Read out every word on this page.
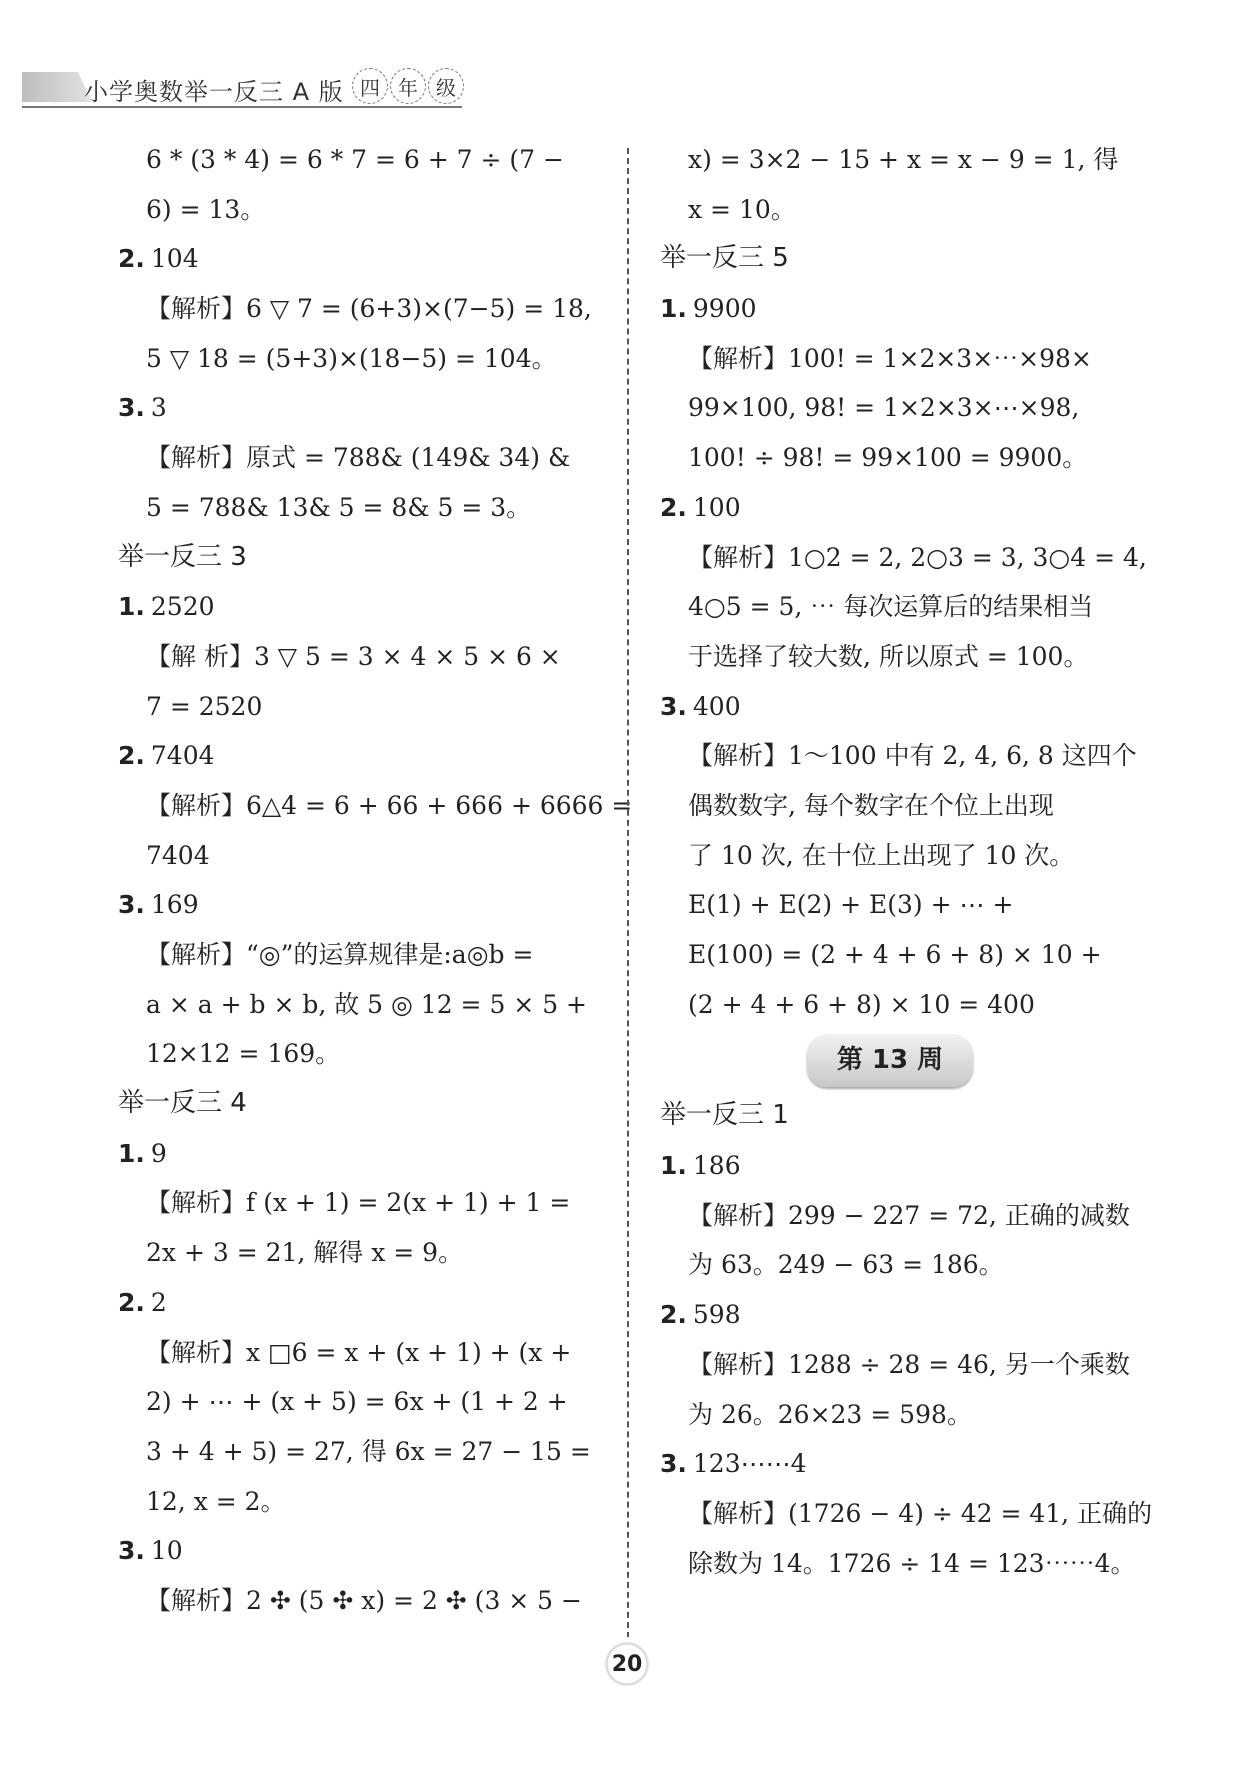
小学奥数举一反三 A 版 四 年 级
6 * (3 * 4) = 6 * 7 = 6 + 7 ÷ (7 −
6) = 13。
2. 104
【解析】6 ▽ 7 = (6+3)×(7−5) = 18,
5 ▽ 18 = (5+3)×(18−5) = 104。
3. 3
【解析】原式 = 788& (149& 34) &
5 = 788& 13& 5 = 8& 5 = 3。
举一反三 3
1. 2520
【解 析】3 ▽ 5 = 3 × 4 × 5 × 6 ×
7 = 2520
2. 7404
【解析】6△4 = 6 + 66 + 666 + 6666 =
7404
3. 169
【解析】“◎”的运算规律是:a◎b =
a × a + b × b, 故 5 ◎ 12 = 5 × 5 +
12×12 = 169。
举一反三 4
1. 9
【解析】f (x + 1) = 2(x + 1) + 1 =
2x + 3 = 21, 解得 x = 9。
2. 2
【解析】x □6 = x + (x + 1) + (x +
2) + ⋯ + (x + 5) = 6x + (1 + 2 +
3 + 4 + 5) = 27, 得 6x = 27 − 15 =
12, x = 2。
3. 10
【解析】2 ✣ (5 ✣ x) = 2 ✣ (3 × 5 −
x) = 3×2 − 15 + x = x − 9 = 1, 得
x = 10。
举一反三 5
1. 9900
【解析】100! = 1×2×3×⋯×98×
99×100, 98! = 1×2×3×⋯×98,
100! ÷ 98! = 99×100 = 9900。
2. 100
【解析】1○2 = 2, 2○3 = 3, 3○4 = 4,
4○5 = 5, ⋯ 每次运算后的结果相当
于选择了较大数, 所以原式 = 100。
3. 400
【解析】1～100 中有 2, 4, 6, 8 这四个
偶数数字, 每个数字在个位上出现
了 10 次, 在十位上出现了 10 次。
E(1) + E(2) + E(3) + ⋯ +
E(100) = (2 + 4 + 6 + 8) × 10 +
(2 + 4 + 6 + 8) × 10 = 400
第 13 周
举一反三 1
1. 186
【解析】299 − 227 = 72, 正确的减数
为 63。249 − 63 = 186。
2. 598
【解析】1288 ÷ 28 = 46, 另一个乘数
为 26。26×23 = 598。
3. 123⋯⋯4
【解析】(1726 − 4) ÷ 42 = 41, 正确的
除数为 14。1726 ÷ 14 = 123⋯⋯4。
20
